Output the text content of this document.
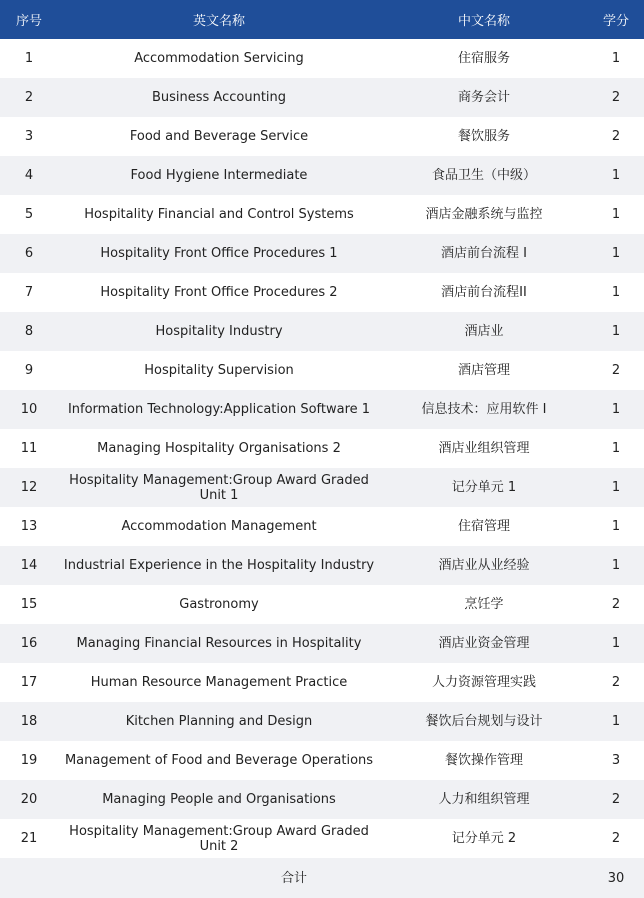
序号	英文名称	中文名称	学分
1	Accommodation Servicing	住宿服务	1
2	Business Accounting	商务会计	2
3	Food and Beverage Service	餐饮服务	2
4	Food Hygiene Intermediate	食品卫生（中级）	1
5	Hospitality Financial and Control Systems	酒店金融系统与监控	1
6	Hospitality Front Office Procedures 1	酒店前台流程 I	1
7	Hospitality Front Office Procedures 2	酒店前台流程II	1
8	Hospitality Industry	酒店业	1
9	Hospitality Supervision	酒店管理	2
10	Information Technology:Application Software 1	信息技术：应用软件 I	1
11	Managing Hospitality Organisations 2	酒店业组织管理	1
12	Hospitality Management:Group Award Graded Unit 1	记分单元 1	1
13	Accommodation Management	住宿管理	1
14	Industrial Experience in the Hospitality Industry	酒店业从业经验	1
15	Gastronomy	烹饪学	2
16	Managing Financial Resources in Hospitality	酒店业资金管理	1
17	Human Resource Management Practice	人力资源管理实践	2
18	Kitchen Planning and Design	餐饮后台规划与设计	1
19	Management of Food and Beverage Operations	餐饮操作管理	3
20	Managing People and Organisations	人力和组织管理	2
21	Hospitality Management:Group Award Graded Unit 2	记分单元 2	2
合计			30
